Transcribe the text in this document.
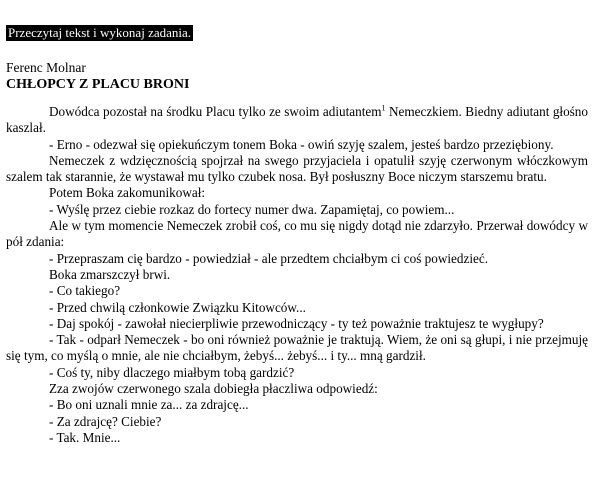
Przeczytaj tekst i wykonaj zadania.
Ferenc Molnar
CHŁOPCY Z PLACU BRONI

Dowódca pozostał na środku Placu tylko ze swoim adiutantem$^1$ Nemeczkiem. Biedny adiutant głośno kaszlał.

- Erno - odezwał się opiekuńczym tonem Boka - owiń szyję szalem, jesteś bardzo przeziębiony.

Nemeczek z wdzięcznością spojrzał na swego przyjaciela i opatulił szyję czerwonym włóczkowym szalem tak starannie, że wystawał mu tylko czubek nosa. Był posłuszny Boce niczym starszemu bratu.

Potem Boka zakomunikował:

- Wyślę przez ciebie rozkaz do fortecy numer dwa. Zapamiętaj, co powiem...

Ale w tym momencie Nemeczek zrobił coś, co mu się nigdy dotąd nie zdarzyło. Przerwał dowódcy w pół zdania:

- Przepraszam cię bardzo - powiedział - ale przedtem chciałbym ci coś powiedzieć.

Boka zmarszczył brwi.

- Co takiego?

- Przed chwilą członkowie Związku Kitowców...

- Daj spokój - zawołał niecierpliwie przewodniczący - ty też poważnie traktujesz te wygłupy?

- Tak - odparł Nemeczek - bo oni również poważnie je traktują. Wiem, że oni są głupi, i nie przejmuję się tym, co myślą o mnie, ale nie chciałbym, żebyś... żebyś... i ty... mną gardził.

- Coś ty, niby dlaczego miałbym tobą gardzić?

Zza zwojów czerwonego szala dobiegła płaczliwa odpowiedź:

- Bo oni uznali mnie za... za zdrajcę...

- Za zdrajcę? Ciebie?

- Tak. Mnie...
